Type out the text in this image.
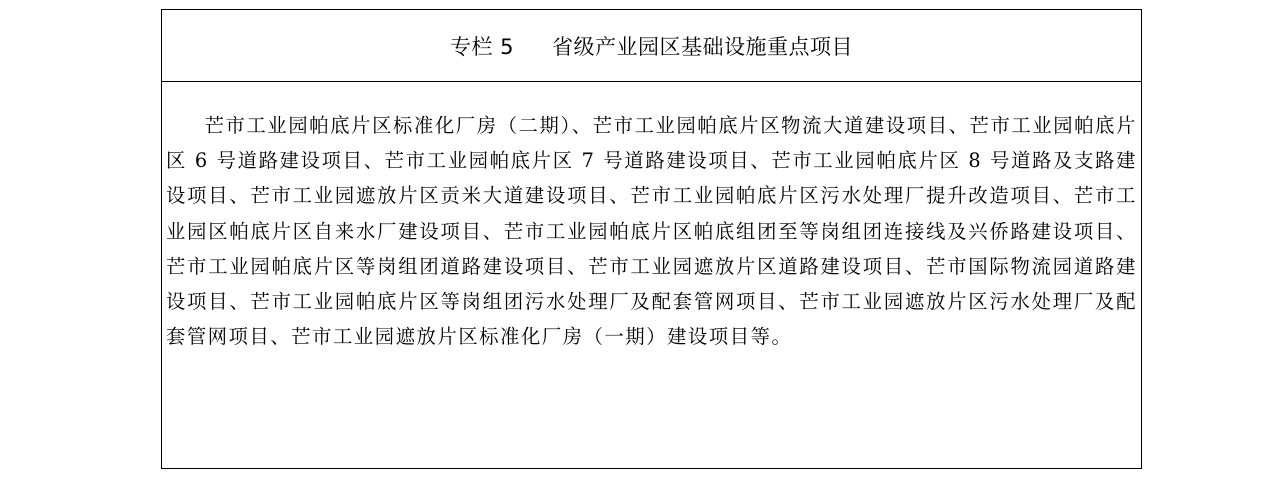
专栏 5 省级产业园区基础设施重点项目

芒市工业园帕底片区标准化厂房（二期）、芒市工业园帕底片区物流大道建设项目、芒市工业园帕底片区 6 号道路建设项目、芒市工业园帕底片区 7 号道路建设项目、芒市工业园帕底片区 8 号道路及支路建设项目、芒市工业园遮放片区贡米大道建设项目、芒市工业园帕底片区污水处理厂提升改造项目、芒市工业园区帕底片区自来水厂建设项目、芒市工业园帕底片区帕底组团至等岗组团连接线及兴侨路建设项目、芒市工业园帕底片区等岗组团道路建设项目、芒市工业园遮放片区道路建设项目、芒市国际物流园道路建设项目、芒市工业园帕底片区等岗组团污水处理厂及配套管网项目、芒市工业园遮放片区污水处理厂及配套管网项目、芒市工业园遮放片区标准化厂房（一期）建设项目等。
